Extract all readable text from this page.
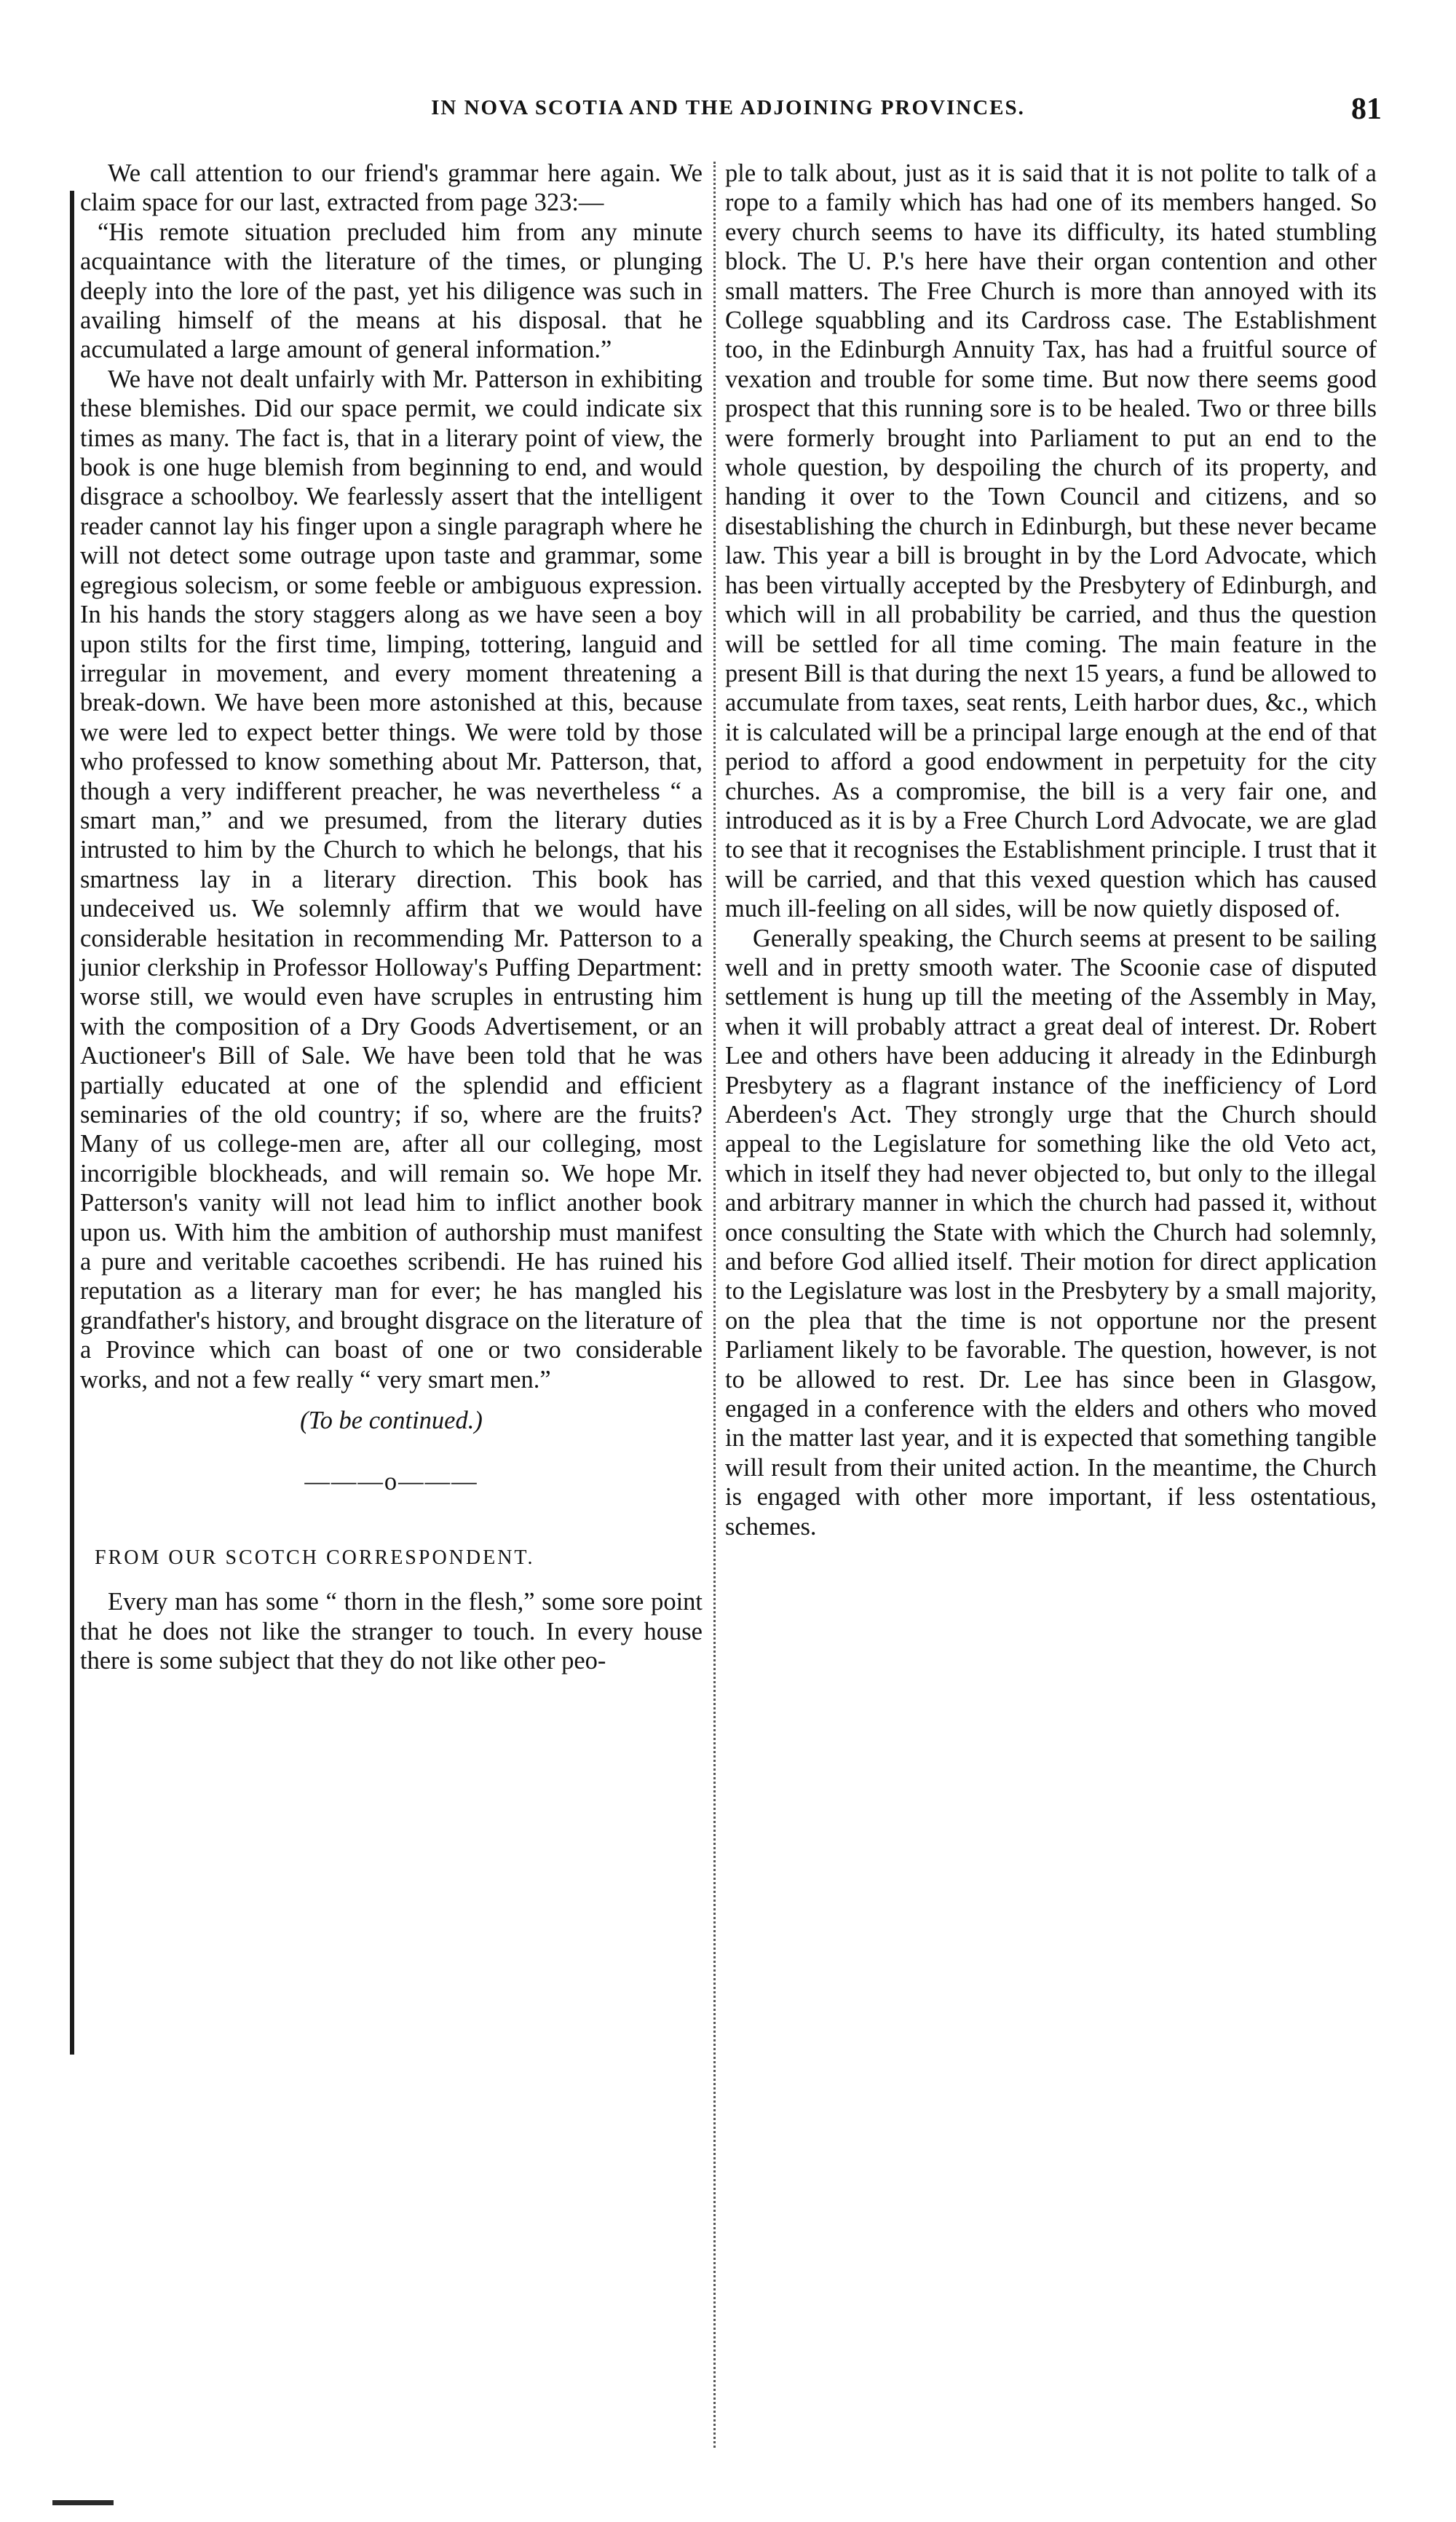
IN NOVA SCOTIA AND THE ADJOINING PROVINCES.	81

We call attention to our friend's grammar here again. We claim space for our last, extracted from page 323:—

“His remote situation precluded him from any minute acquaintance with the literature of the times, or plunging deeply into the lore of the past, yet his diligence was such in availing himself of the means at his disposal. that he accumulated a large amount of general information.”

We have not dealt unfairly with Mr. Patterson in exhibiting these blemishes. Did our space permit, we could indicate six times as many. The fact is, that in a literary point of view, the book is one huge blemish from beginning to end, and would disgrace a schoolboy. We fearlessly assert that the intelligent reader cannot lay his finger upon a single paragraph where he will not detect some outrage upon taste and grammar, some egregious solecism, or some feeble or ambiguous expression. In his hands the story staggers along as we have seen a boy upon stilts for the first time, limping, tottering, languid and irregular in movement, and every moment threatening a break-down. We have been more astonished at this, because we were led to expect better things. We were told by those who professed to know something about Mr. Patterson, that, though a very indifferent preacher, he was nevertheless “ a smart man,” and we presumed, from the literary duties intrusted to him by the Church to which he belongs, that his smartness lay in a literary direction. This book has undeceived us. We solemnly affirm that we would have considerable hesitation in recommending Mr. Patterson to a junior clerkship in Professor Holloway's Puffing Department: worse still, we would even have scruples in entrusting him with the composition of a Dry Goods Advertisement, or an Auctioneer's Bill of Sale. We have been told that he was partially educated at one of the splendid and efficient seminaries of the old country; if so, where are the fruits? Many of us college-men are, after all our colleging, most incorrigible blockheads, and will remain so. We hope Mr. Patterson's vanity will not lead him to inflict another book upon us. With him the ambition of authorship must manifest a pure and veritable cacoethes scribendi. He has ruined his reputation as a literary man for ever; he has mangled his grandfather's history, and brought disgrace on the literature of a Province which can boast of one or two considerable works, and not a few really “ very smart men.”

(To be continued.)

———o———

FROM OUR SCOTCH CORRESPONDENT.

Every man has some “ thorn in the flesh,” some sore point that he does not like the stranger to touch. In every house there is some subject that they do not like other peo-

ple to talk about, just as it is said that it is not polite to talk of a rope to a family which has had one of its members hanged. So every church seems to have its difficulty, its hated stumbling block. The U. P.'s here have their organ contention and other small matters. The Free Church is more than annoyed with its College squabbling and its Cardross case. The Establishment too, in the Edinburgh Annuity Tax, has had a fruitful source of vexation and trouble for some time. But now there seems good prospect that this running sore is to be healed. Two or three bills were formerly brought into Parliament to put an end to the whole question, by despoiling the church of its property, and handing it over to the Town Council and citizens, and so disestablishing the church in Edinburgh, but these never became law. This year a bill is brought in by the Lord Advocate, which has been virtually accepted by the Presbytery of Edinburgh, and which will in all probability be carried, and thus the question will be settled for all time coming. The main feature in the present Bill is that during the next 15 years, a fund be allowed to accumulate from taxes, seat rents, Leith harbor dues, &c., which it is calculated will be a principal large enough at the end of that period to afford a good endowment in perpetuity for the city churches. As a compromise, the bill is a very fair one, and introduced as it is by a Free Church Lord Advocate, we are glad to see that it recognises the Establishment principle. I trust that it will be carried, and that this vexed question which has caused much ill-feeling on all sides, will be now quietly disposed of.

Generally speaking, the Church seems at present to be sailing well and in pretty smooth water. The Scoonie case of disputed settlement is hung up till the meeting of the Assembly in May, when it will probably attract a great deal of interest. Dr. Robert Lee and others have been adducing it already in the Edinburgh Presbytery as a flagrant instance of the inefficiency of Lord Aberdeen's Act. They strongly urge that the Church should appeal to the Legislature for something like the old Veto act, which in itself they had never objected to, but only to the illegal and arbitrary manner in which the church had passed it, without once consulting the State with which the Church had solemnly, and before God allied itself. Their motion for direct application to the Legislature was lost in the Presbytery by a small majority, on the plea that the time is not opportune nor the present Parliament likely to be favorable. The question, however, is not to be allowed to rest. Dr. Lee has since been in Glasgow, engaged in a conference with the elders and others who moved in the matter last year, and it is expected that something tangible will result from their united action. In the meantime, the Church is engaged with other more important, if less ostentatious, schemes.
